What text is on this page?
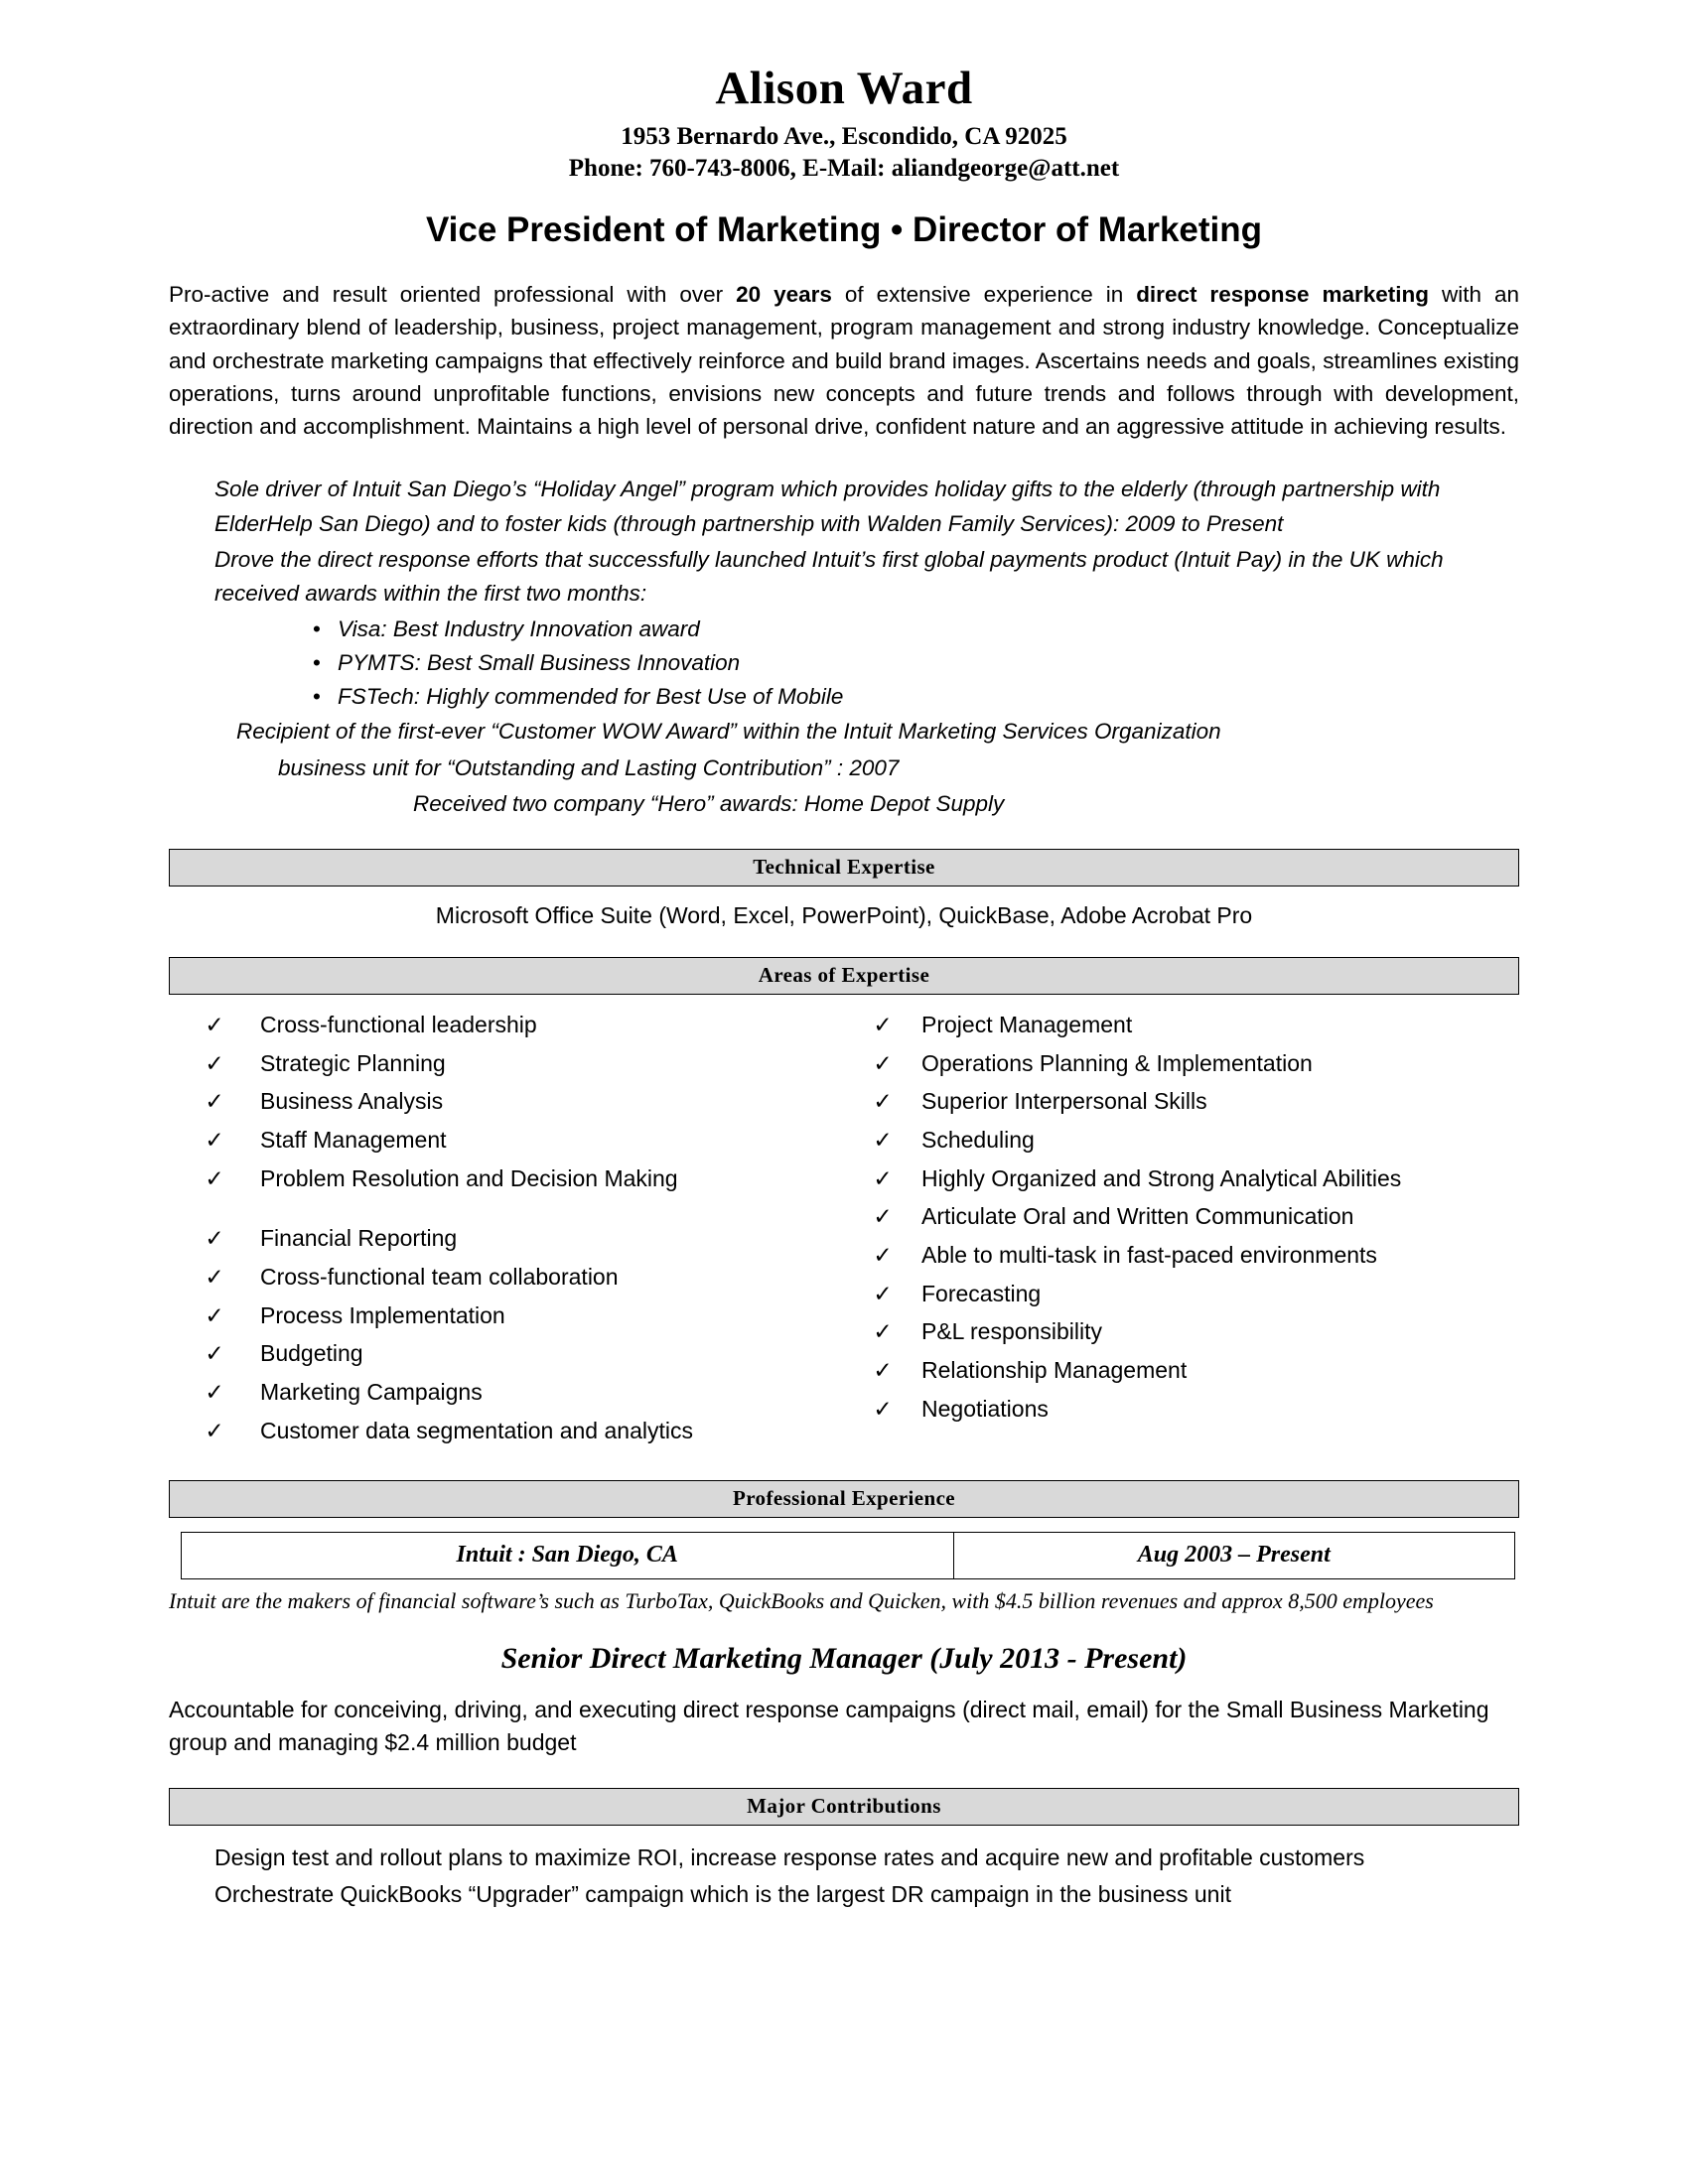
Alison Ward
1953 Bernardo Ave., Escondido, CA 92025
Phone: 760-743-8006, E-Mail: aliandgeorge@att.net
Vice President of Marketing • Director of Marketing
Pro-active and result oriented professional with over 20 years of extensive experience in direct response marketing with an extraordinary blend of leadership, business, project management, program management and strong industry knowledge. Conceptualize and orchestrate marketing campaigns that effectively reinforce and build brand images. Ascertains needs and goals, streamlines existing operations, turns around unprofitable functions, envisions new concepts and future trends and follows through with development, direction and accomplishment. Maintains a high level of personal drive, confident nature and an aggressive attitude in achieving results.
Sole driver of Intuit San Diego’s “Holiday Angel” program which provides holiday gifts to the elderly (through partnership with ElderHelp San Diego) and to foster kids (through partnership with Walden Family Services): 2009 to Present
Drove the direct response efforts that successfully launched Intuit’s first global payments product (Intuit Pay) in the UK which received awards within the first two months:
• Visa: Best Industry Innovation award
• PYMTS: Best Small Business Innovation
• FSTech: Highly commended for Best Use of Mobile
Recipient of the first-ever “Customer WOW Award” within the Intuit Marketing Services Organization
business unit for “Outstanding and Lasting Contribution” : 2007
Received two company “Hero” awards: Home Depot Supply
Technical Expertise
Microsoft Office Suite (Word, Excel, PowerPoint), QuickBase, Adobe Acrobat Pro
Areas of Expertise
✓	Cross-functional leadership
✓	Strategic Planning
✓	Business Analysis
✓	Staff Management
✓	Problem Resolution and Decision Making
✓	Financial Reporting
✓	Cross-functional team collaboration
✓	Process Implementation
✓	Budgeting
✓	Marketing Campaigns
✓	Customer data segmentation and analytics
✓	Project Management
✓	Operations Planning & Implementation
✓	Superior Interpersonal Skills
✓	Scheduling
✓	Highly Organized and Strong Analytical Abilities
✓	Articulate Oral and Written Communication
✓	Able to multi-task in fast-paced environments
✓	Forecasting
✓	P&L responsibility
✓	Relationship Management
✓	Negotiations
Professional Experience
Intuit : San Diego, CA	Aug 2003 – Present
Intuit are the makers of financial software’s such as TurboTax, QuickBooks and Quicken, with $4.5 billion revenues and approx 8,500 employees
Senior Direct Marketing Manager (July 2013 - Present)
Accountable for conceiving, driving, and executing direct response campaigns (direct mail, email) for the Small Business Marketing group and managing $2.4 million budget
Major Contributions
Design test and rollout plans to maximize ROI, increase response rates and acquire new and profitable customers
Orchestrate QuickBooks “Upgrader” campaign which is the largest DR campaign in the business unit
